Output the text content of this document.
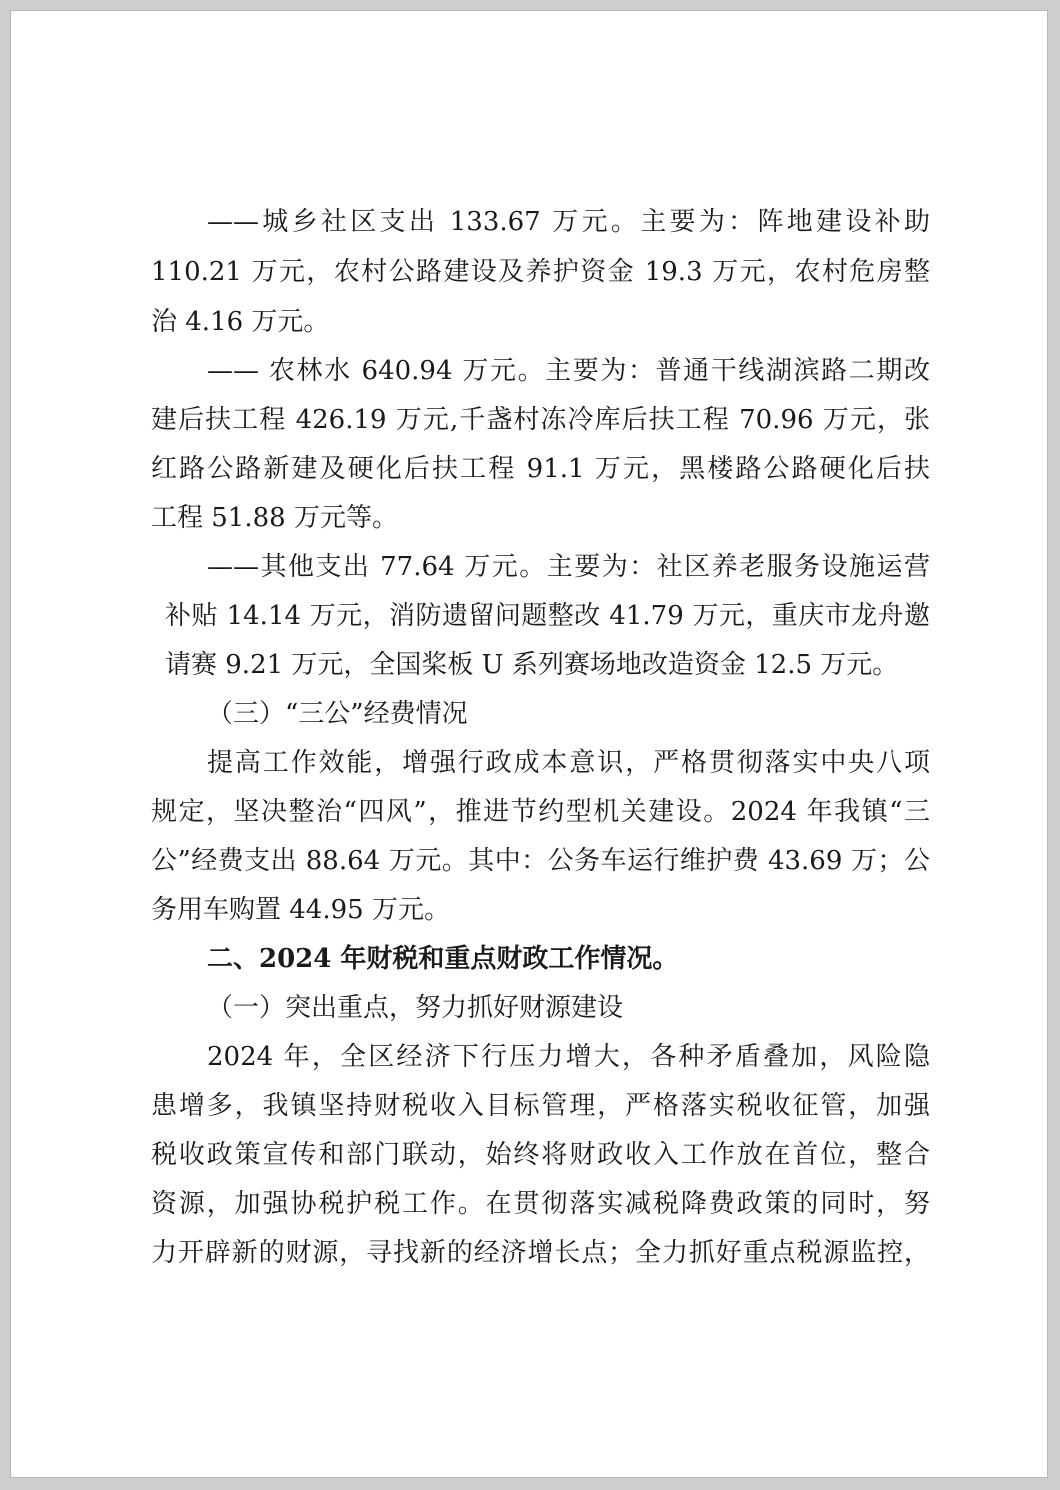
——城乡社区支出 133.67 万元。主要为：阵地建设补助
110.21 万元，农村公路建设及养护资金 19.3 万元，农村危房整
治 4.16 万元。
—— 农林水 640.94 万元。主要为：普通干线湖滨路二期改
建后扶工程 426.19 万元,千盏村冻冷库后扶工程 70.96 万元，张
红路公路新建及硬化后扶工程 91.1 万元，黑楼路公路硬化后扶
工程 51.88 万元等。
——其他支出 77.64 万元。主要为：社区养老服务设施运营
补贴 14.14 万元，消防遗留问题整改 41.79 万元，重庆市龙舟邀
请赛 9.21 万元，全国桨板 U 系列赛场地改造资金 12.5 万元。
（三）“三公”经费情况
提高工作效能，增强行政成本意识，严格贯彻落实中央八项
规定，坚决整治“四风”，推进节约型机关建设。2024 年我镇“三
公”经费支出 88.64 万元。其中：公务车运行维护费 43.69 万；公
务用车购置 44.95 万元。
二、2024 年财税和重点财政工作情况。
（一）突出重点，努力抓好财源建设
2024 年，全区经济下行压力增大，各种矛盾叠加，风险隐
患增多，我镇坚持财税收入目标管理，严格落实税收征管，加强
税收政策宣传和部门联动，始终将财政收入工作放在首位，整合
资源，加强协税护税工作。在贯彻落实减税降费政策的同时，努
力开辟新的财源，寻找新的经济增长点；全力抓好重点税源监控，
